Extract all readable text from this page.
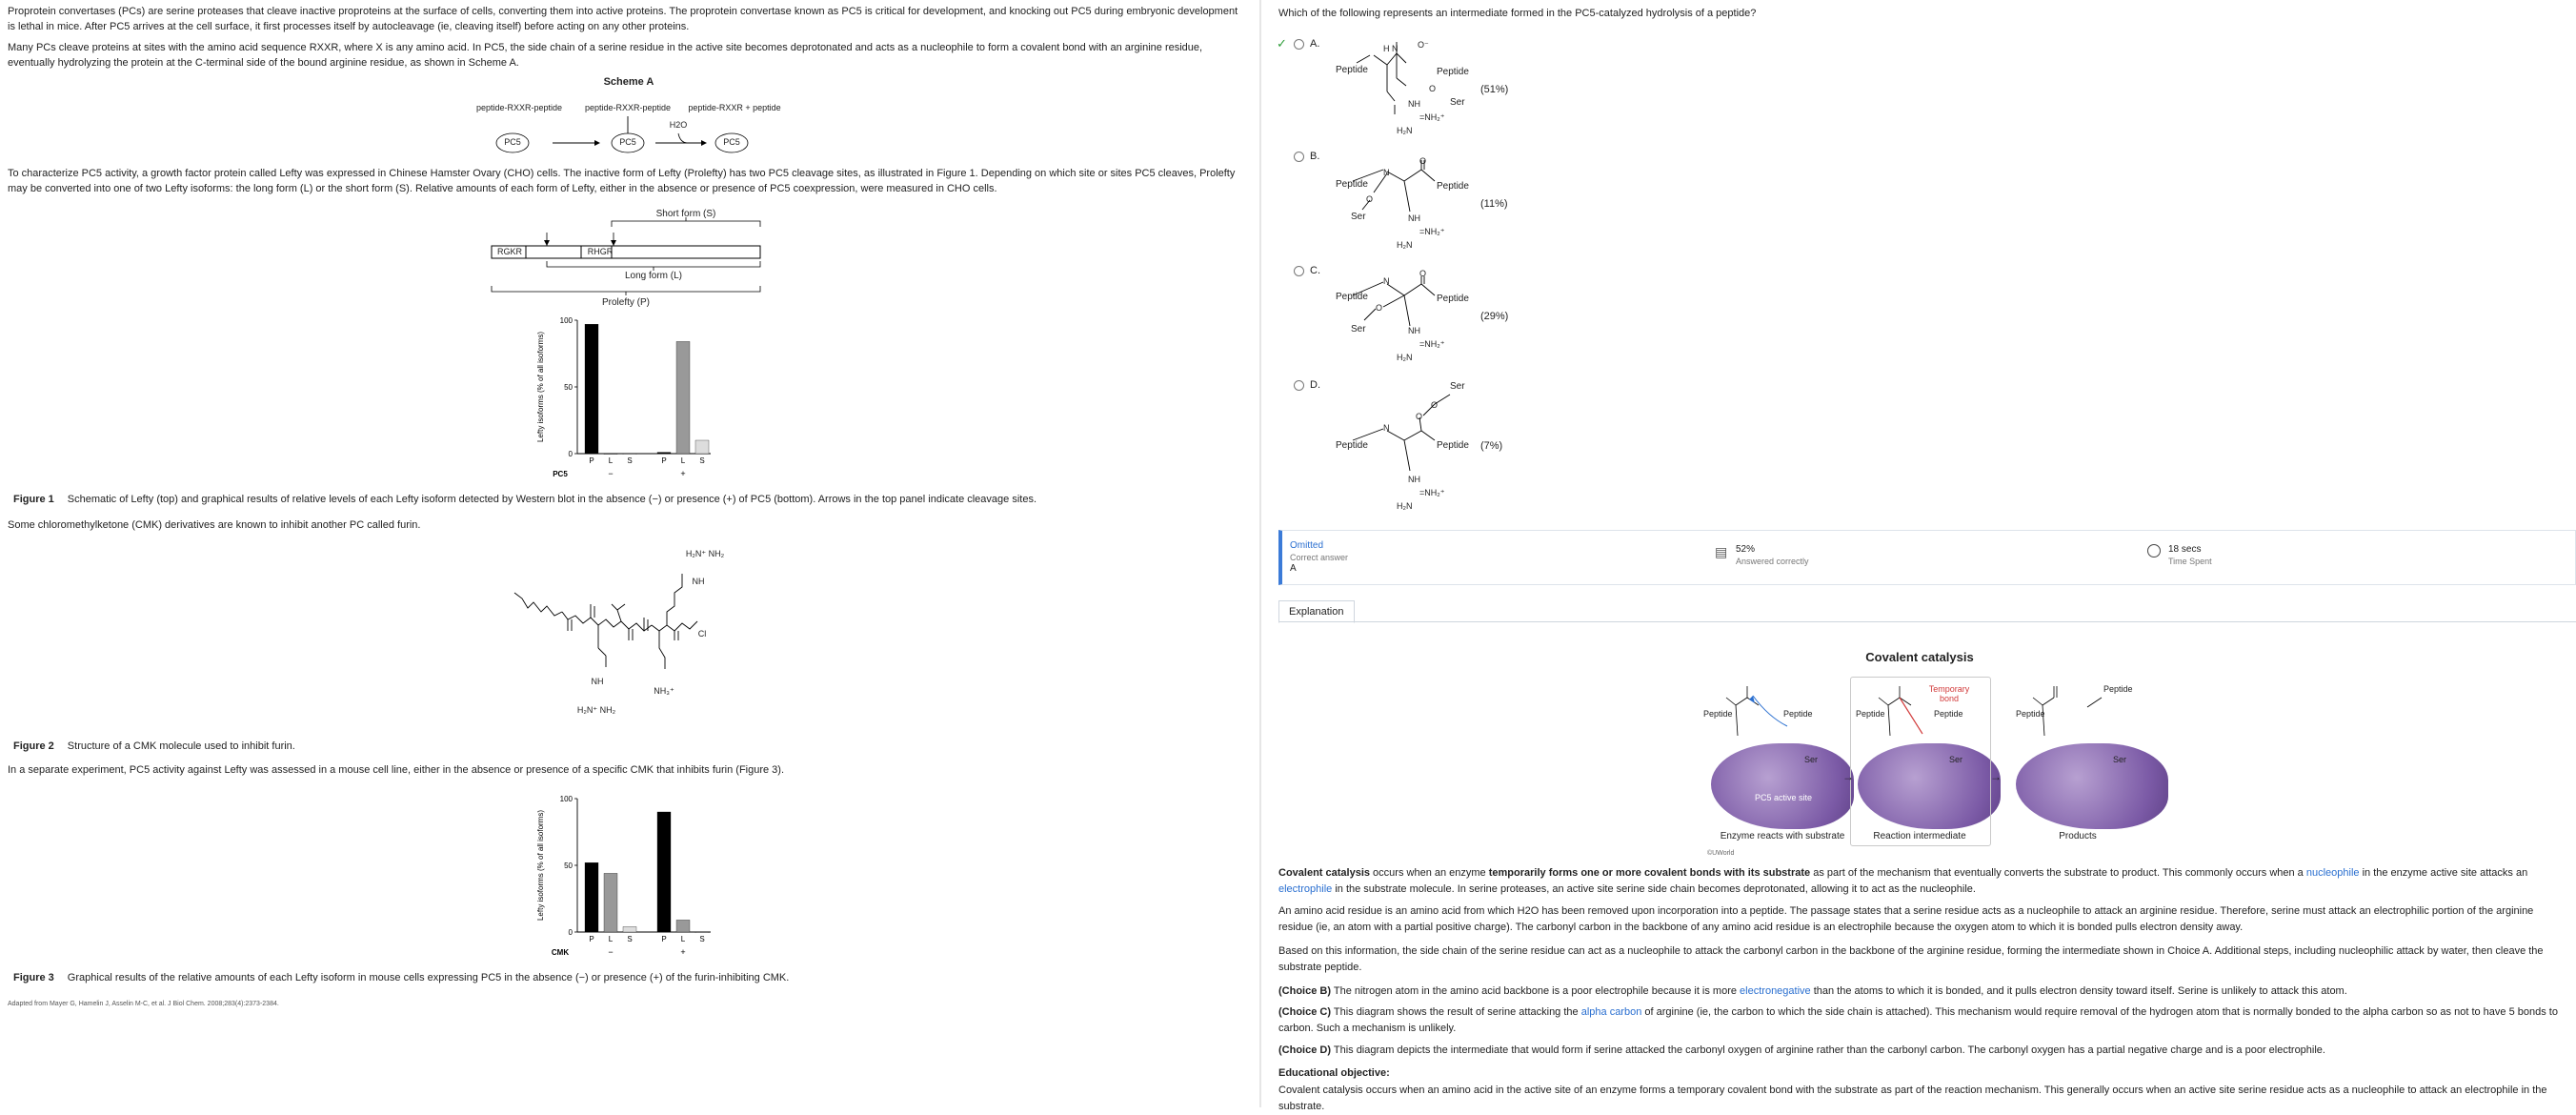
Proprotein convertases (PCs) are serine proteases that cleave inactive proproteins at the surface of cells, converting them into active proteins. The proprotein convertase known as PC5 is critical for development, and knocking out PC5 during embryonic development is lethal in mice. After PC5 arrives at the cell surface, it first processes itself by autocleavage (ie, cleaving itself) before acting on any other proteins.

Many PCs cleave proteins at sites with the amino acid sequence RXXR, where X is any amino acid. In PC5, the side chain of a serine residue in the active site becomes deprotonated and acts as a nucleophile to form a covalent bond with an arginine residue, eventually hydrolyzing the protein at the C-terminal side of the bound arginine residue, as shown in Scheme A.

Scheme A
peptide-RXXR-peptide	peptide-RXXR-peptide	peptide-RXXR + peptide
H2O
PC5	PC5	PC5

To characterize PC5 activity, a growth factor protein called Lefty was expressed in Chinese Hamster Ovary (CHO) cells. The inactive form of Lefty (Prolefty) has two PC5 cleavage sites, as illustrated in Figure 1. Depending on which site or sites PC5 cleaves, Prolefty may be converted into one of two Lefty isoforms: the long form (L) or the short form (S). Relative amounts of each form of Lefty, either in the absence or presence of PC5 coexpression, were measured in CHO cells.

RGKR	RHGR
Short form (S)
Long form (L)
Prolefty (P)
0
50
100
Lefty isoforms (% of all isoforms)
P L S	P L S
PC5	−	+
Figure 1 Schematic of Lefty (top) and graphical results of relative levels of each Lefty isoform detected by Western blot in the absence (−) or presence (+) of PC5 (bottom). Arrows in the top panel indicate cleavage sites.

Some chloromethylketone (CMK) derivatives are known to inhibit another PC called furin.

H₂N⁺ NH₂
NH
Cl
NH
H₂N⁺ NH₂
NH₃⁺
Figure 2 Structure of a CMK molecule used to inhibit furin.

In a separate experiment, PC5 activity against Lefty was assessed in a mouse cell line, either in the absence or presence of a specific CMK that inhibits furin (Figure 3).

0
50
100
Lefty isoforms (% of all isoforms)
P L S	P L S
CMK	−	+
Figure 3 Graphical results of the relative amounts of each Lefty isoform in mouse cells expressing PC5 in the absence (−) or presence (+) of the furin-inhibiting CMK.
Adapted from Mayer G, Hamelin J, Asselin M-C, et al. J Biol Chem. 2008;283(4):2373-2384.
Which of the following represents an intermediate formed in the PC5-catalyzed hydrolysis of a peptide?
✓ A.
(51%)
Peptide	Peptide
Ser
H N O⁻
O
NH
=NH₂⁺
H₂N
B.
(11%)
Peptide	Peptide
Ser
O
N
O
NH
=NH₂⁺
H₂N
C.
(29%)
Peptide	Peptide
Ser
N
O
O
NH
=NH₂⁺
H₂N
D.
(7%)
Peptide	Peptide
Ser
N
O
O
NH
=NH₂⁺
H₂N
Omitted
Correct answer
A
▤ 52%
Answered correctly
18 secs
Time Spent
Explanation
Covalent catalysis
PC5 active site
Temporary bond
Peptide	Peptide	Peptide	Peptide	Peptide
Peptide
Ser	Ser	Ser
→
→
Enzyme reacts with substrate	Reaction intermediate	Products
©UWorld

Covalent catalysis occurs when an enzyme temporarily forms one or more covalent bonds with its substrate as part of the mechanism that eventually converts the substrate to product. This commonly occurs when a nucleophile in the enzyme active site attacks an electrophile in the substrate molecule. In serine proteases, an active site serine side chain becomes deprotonated, allowing it to act as the nucleophile.

An amino acid residue is an amino acid from which H2O has been removed upon incorporation into a peptide. The passage states that a serine residue acts as a nucleophile to attack an arginine residue. Therefore, serine must attack an electrophilic portion of the arginine residue (ie, an atom with a partial positive charge). The carbonyl carbon in the backbone of any amino acid residue is an electrophile because the oxygen atom to which it is bonded pulls electron density away.

Based on this information, the side chain of the serine residue can act as a nucleophile to attack the carbonyl carbon in the backbone of the arginine residue, forming the intermediate shown in Choice A. Additional steps, including nucleophilic attack by water, then cleave the substrate peptide.

(Choice B) The nitrogen atom in the amino acid backbone is a poor electrophile because it is more electronegative than the atoms to which it is bonded, and it pulls electron density toward itself. Serine is unlikely to attack this atom.

(Choice C) This diagram shows the result of serine attacking the alpha carbon of arginine (ie, the carbon to which the side chain is attached). This mechanism would require removal of the hydrogen atom that is normally bonded to the alpha carbon so as not to have 5 bonds to carbon. Such a mechanism is unlikely.

(Choice D) This diagram depicts the intermediate that would form if serine attacked the carbonyl oxygen of arginine rather than the carbonyl carbon. The carbonyl oxygen has a partial negative charge and is a poor electrophile.

Educational objective:

Covalent catalysis occurs when an amino acid in the active site of an enzyme forms a temporary covalent bond with the substrate as part of the reaction mechanism. This generally occurs when an active site serine residue acts as a nucleophile to attack an electrophile in the substrate.
